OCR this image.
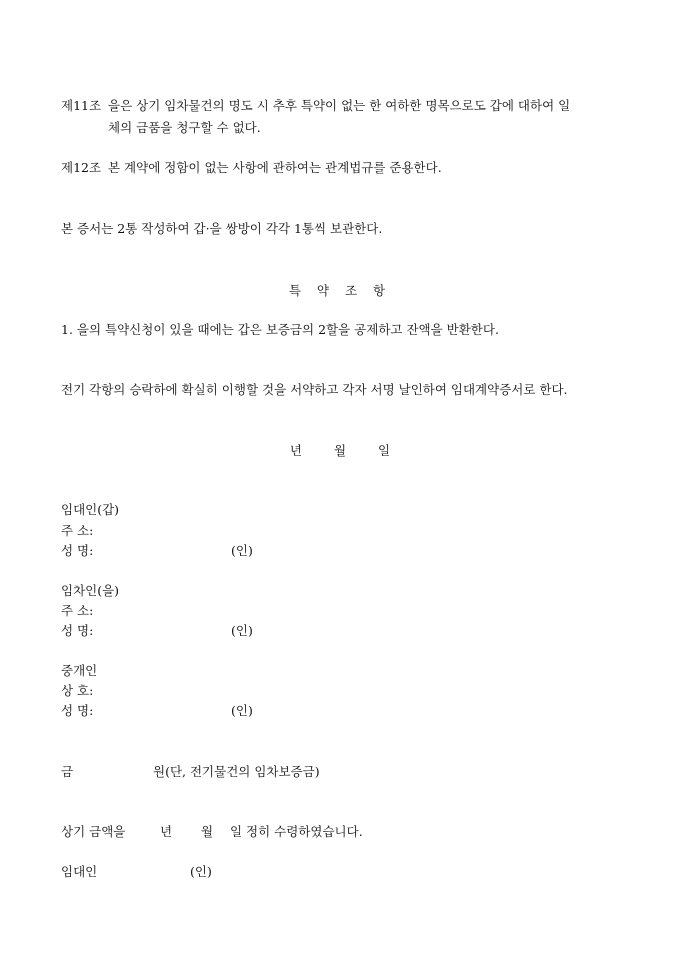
제11조 을은 상기 임차물건의 명도 시 추후 특약이 없는 한 여하한 명목으로도 갑에 대하여 일
체의 금품을 청구할 수 없다.
제12조 본 계약에 정함이 없는 사항에 관하여는 관계법규를 준용한다.
본 증서는 2통 작성하여 갑·을 쌍방이 각각 1통씩 보관한다.
특 약 조 항
1. 을의 특약신청이 있을 때에는 갑은 보증금의 2할을 공제하고 잔액을 반환한다.
전기 각항의 승락하에 확실히 이행할 것을 서약하고 각자 서명 날인하여 임대계약증서로 한다.
년	월	일
임대인(갑)
주 소:
성 명:	(인)
임차인(을)
주 소:
성 명:	(인)
중개인
상 호:
성 명:	(인)
금	원(단, 전기물건의 임차보증금)
상기 금액을	년 월 일 정히 수령하였습니다.
임대인	(인)
